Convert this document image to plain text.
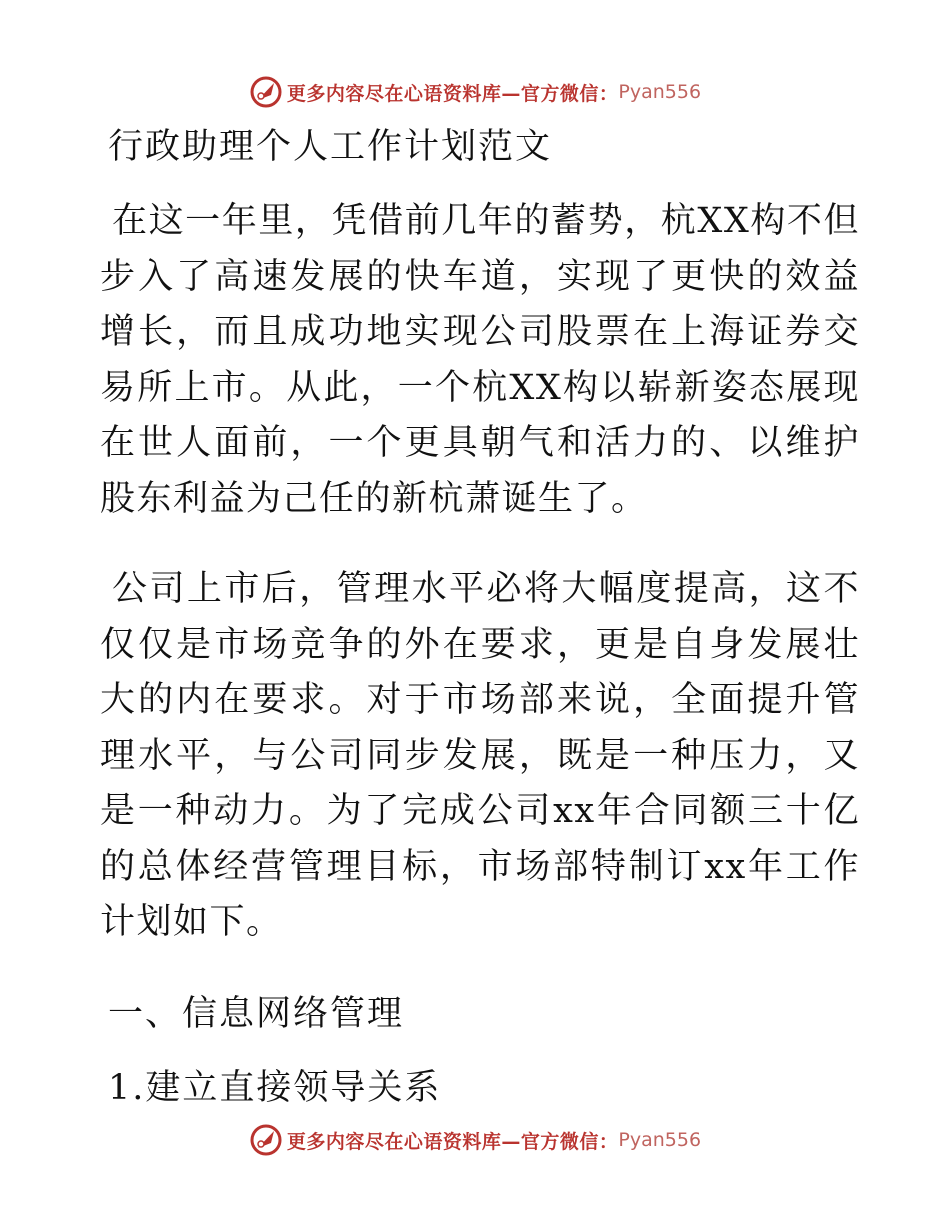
更多内容尽在心语资料库—官方微信： Pyan556
行政助理个人工作计划范文

在这一年里，凭借前几年的蓄势，杭XX构不但步入了高速发展的快车道，实现了更快的效益增长，而且成功地实现公司股票在上海证券交易所上市。从此，一个杭XX构以崭新姿态展现在世人面前，一个更具朝气和活力的、以维护股东利益为己任的新杭萧诞生了。

公司上市后，管理水平必将大幅度提高，这不仅仅是市场竞争的外在要求，更是自身发展壮大的内在要求。对于市场部来说，全面提升管理水平，与公司同步发展，既是一种压力，又是一种动力。为了完成公司xx年合同额三十亿的总体经营管理目标，市场部特制订xx年工作计划如下。

一、信息网络管理

1.建立直接领导关系

更多内容尽在心语资料库—官方微信： Pyan556
